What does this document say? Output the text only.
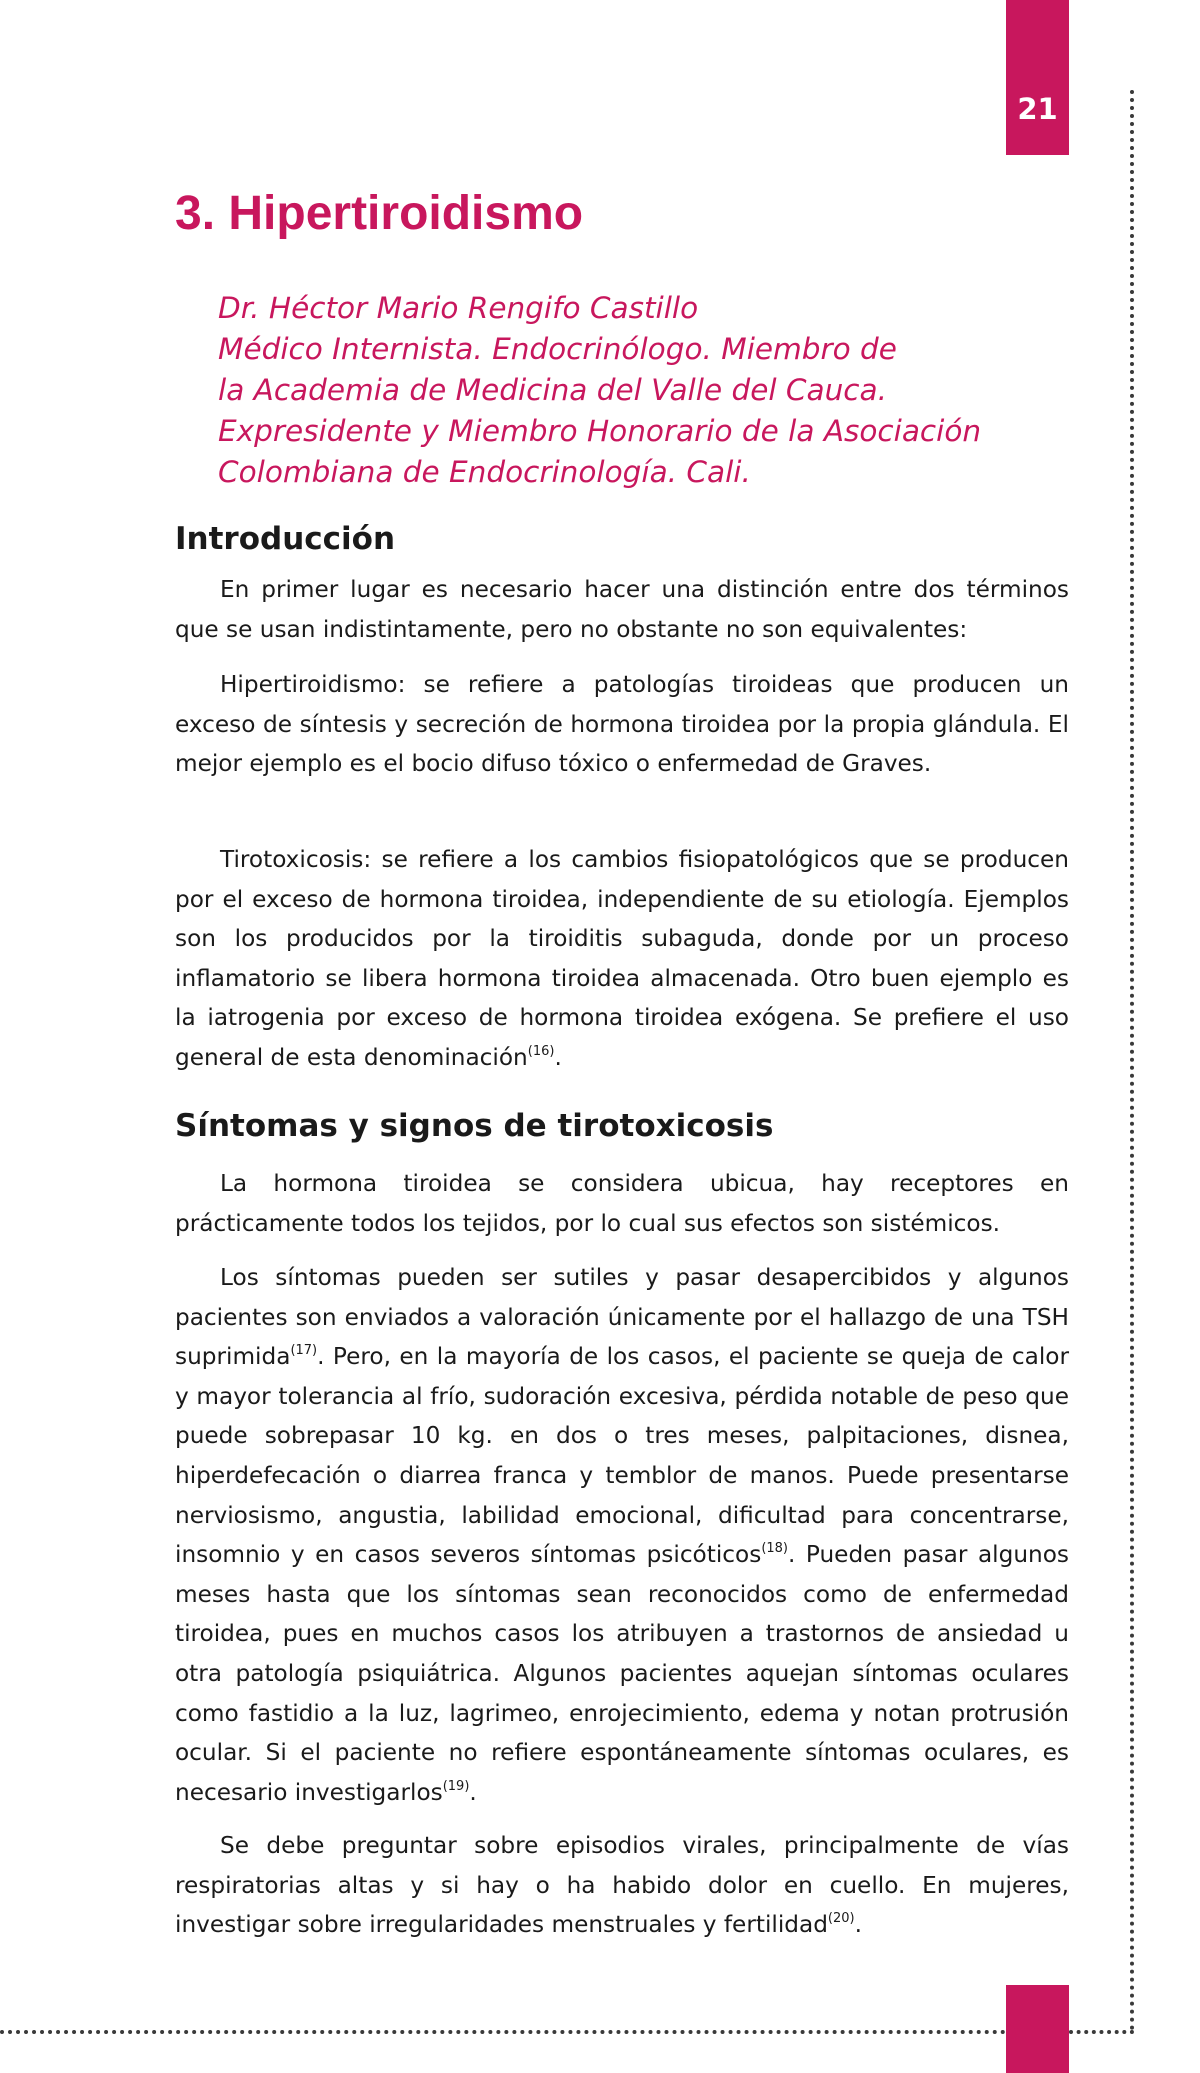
21
3. Hipertiroidismo
Dr. Héctor Mario Rengifo Castillo
Médico Internista. Endocrinólogo. Miembro de
la Academia de Medicina del Valle del Cauca.
Expresidente y Miembro Honorario de la Asociación
Colombiana de Endocrinología. Cali.
Introducción

En primer lugar es necesario hacer una distinción entre dos términos que se usan indistintamente, pero no obstante no son equivalentes:

Hipertiroidismo: se refiere a patologías tiroideas que producen un exceso de síntesis y secreción de hormona tiroidea por la propia glándula. El mejor ejemplo es el bocio difuso tóxico o enfermedad de Graves.

Tirotoxicosis: se refiere a los cambios fisiopatológicos que se producen por el exceso de hormona tiroidea, independiente de su etiología. Ejemplos son los producidos por la tiroiditis subaguda, donde por un proceso inflamatorio se libera hormona tiroidea almacenada. Otro buen ejemplo es la iatrogenia por exceso de hormona tiroidea exógena. Se prefiere el uso general de esta denominación$^{(16)}$.

Síntomas y signos de tirotoxicosis

La hormona tiroidea se considera ubicua, hay receptores en prácticamente todos los tejidos, por lo cual sus efectos son sistémicos.

Los síntomas pueden ser sutiles y pasar desapercibidos y algunos pacientes son enviados a valoración únicamente por el hallazgo de una TSH suprimida$^{(17)}$. Pero, en la mayoría de los casos, el paciente se queja de calor y mayor tolerancia al frío, sudoración excesiva, pérdida notable de peso que puede sobrepasar 10 kg. en dos o tres meses, palpitaciones, disnea, hiperdefecación o diarrea franca y temblor de manos. Puede presentarse nerviosismo, angustia, labilidad emocional, dificultad para concentrarse, insomnio y en casos severos síntomas psicóticos$^{(18)}$. Pueden pasar algunos meses hasta que los síntomas sean reconocidos como de enfermedad tiroidea, pues en muchos casos los atribuyen a trastornos de ansiedad u otra patología psiquiátrica. Algunos pacientes aquejan síntomas oculares como fastidio a la luz, lagrimeo, enrojecimiento, edema y notan protrusión ocular. Si el paciente no refiere espontáneamente síntomas oculares, es necesario investigarlos$^{(19)}$.

Se debe preguntar sobre episodios virales, principalmente de vías respiratorias altas y si hay o ha habido dolor en cuello. En mujeres, investigar sobre irregularidades menstruales y fertilidad$^{(20)}$.
